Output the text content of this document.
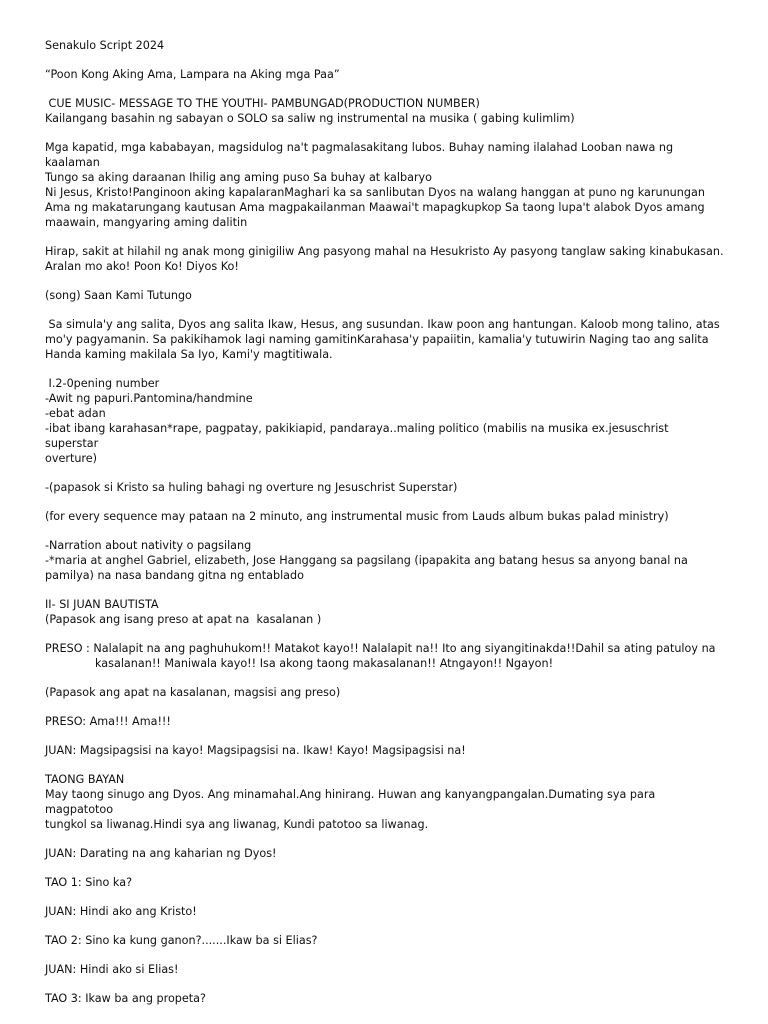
Senakulo Script 2024
“Poon Kong Aking Ama, Lampara na Aking mga Paa”
CUE MUSIC- MESSAGE TO THE YOUTHI- PAMBUNGAD(PRODUCTION NUMBER)
Kailangang basahin ng sabayan o SOLO sa saliw ng instrumental na musika ( gabing kulimlim)
Mga kapatid, mga kababayan, magsidulog na't pagmalasakitang lubos. Buhay naming ilalahad Looban nawa ng kaalaman
Tungo sa aking daraanan Ihilig ang aming puso Sa buhay at kalbaryo
Ni Jesus, Kristo!Panginoon aking kapalaranMaghari ka sa sanlibutan Dyos na walang hanggan at puno ng karunungan
Ama ng makatarungang kautusan Ama magpakailanman Maawai't mapagkupkop Sa taong lupa't alabok Dyos amang
maawain, mangyaring aming dalitin
Hirap, sakit at hilahil ng anak mong ginigiliw Ang pasyong mahal na Hesukristo Ay pasyong tanglaw saking kinabukasan.
Aralan mo ako! Poon Ko! Diyos Ko!
(song) Saan Kami Tutungo
Sa simula'y ang salita, Dyos ang salita Ikaw, Hesus, ang susundan. Ikaw poon ang hantungan. Kaloob mong talino, atas
mo'y pagyamanin. Sa pakikihamok lagi naming gamitinKarahasa'y papaiitin, kamalia'y tutuwirin Naging tao ang salita
Handa kaming makilala Sa Iyo, Kami'y magtitiwala.
I.2-0pening number
-Awit ng papuri.Pantomina/handmine
-ebat adan
-ibat ibang karahasan*rape, pagpatay, pakikiapid, pandaraya..maling politico (mabilis na musika ex.jesuschrist superstar
overture)
-(papasok si Kristo sa huling bahagi ng overture ng Jesuschrist Superstar)
(for every sequence may pataan na 2 minuto, ang instrumental music from Lauds album bukas palad ministry)
-Narration about nativity o pagsilang
-*maria at anghel Gabriel, elizabeth, Jose Hanggang sa pagsilang (ipapakita ang batang hesus sa anyong banal na
pamilya) na nasa bandang gitna ng entablado
II- SI JUAN BAUTISTA
(Papasok ang isang preso at apat na  kasalanan )
PRESO : Nalalapit na ang paghuhukom!! Matakot kayo!! Nalalapit na!! Ito ang siyangitinakda!!Dahil sa ating patuloy na
kasalanan!! Maniwala kayo!! Isa akong taong makasalanan!! Atngayon!! Ngayon!
(Papasok ang apat na kasalanan, magsisi ang preso)
PRESO: Ama!!! Ama!!!
JUAN: Magsipagsisi na kayo! Magsipagsisi na. Ikaw! Kayo! Magsipagsisi na!
TAONG BAYAN
May taong sinugo ang Dyos. Ang minamahal.Ang hinirang. Huwan ang kanyangpangalan.Dumating sya para magpatotoo
tungkol sa liwanag.Hindi sya ang liwanag, Kundi patotoo sa liwanag.
JUAN: Darating na ang kaharian ng Dyos!
TAO 1: Sino ka?
JUAN: Hindi ako ang Kristo!
TAO 2: Sino ka kung ganon?.......Ikaw ba si Elias?
JUAN: Hindi ako si Elias!
TAO 3: Ikaw ba ang propeta?
